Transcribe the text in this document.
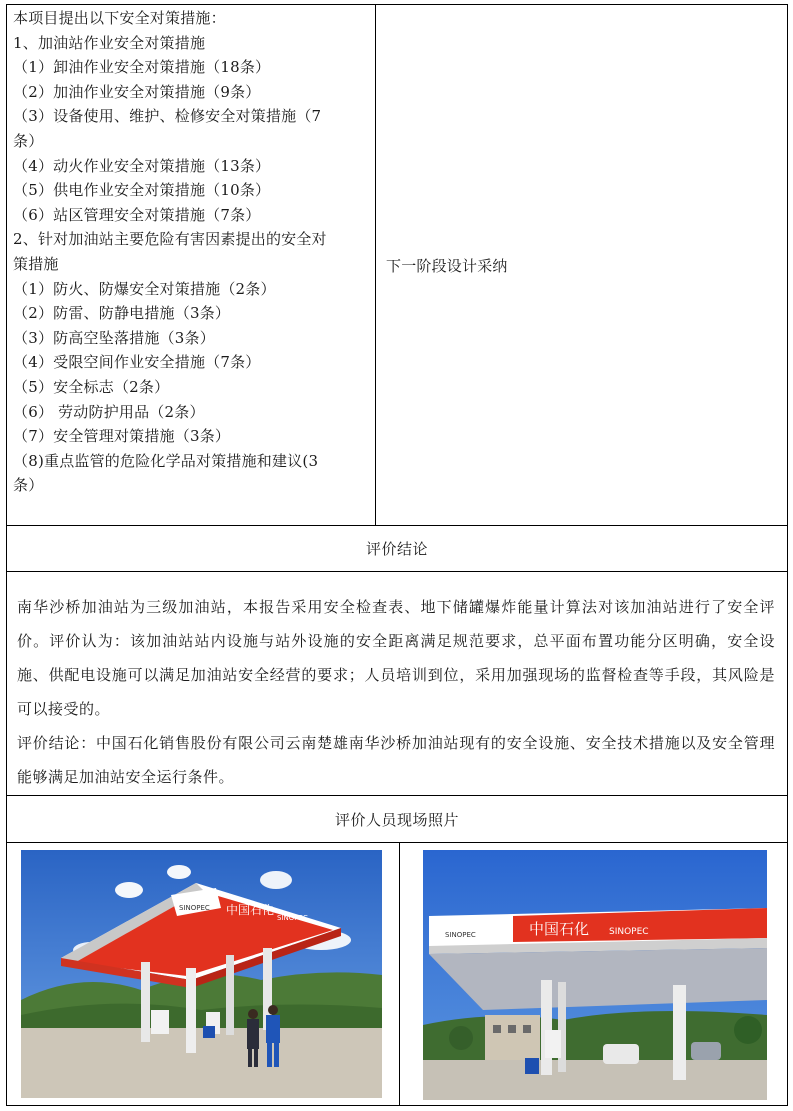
本项目提出以下安全对策措施：
1、加油站作业安全对策措施
（1）卸油作业安全对策措施（18条）
（2）加油作业安全对策措施（9条）
（3）设备使用、维护、检修安全对策措施（7
条）
（4）动火作业安全对策措施（13条）
（5）供电作业安全对策措施（10条）
（6）站区管理安全对策措施（7条）
2、针对加油站主要危险有害因素提出的安全对
策措施
（1）防火、防爆安全对策措施（2条）
（2）防雷、防静电措施（3条）
（3）防高空坠落措施（3条）
（4）受限空间作业安全措施（7条）
（5）安全标志（2条）
（6） 劳动防护用品（2条）
（7）安全管理对策措施（3条）
（8)重点监管的危险化学品对策措施和建议(3
条）
下一阶段设计采纳
评价结论

南华沙桥加油站为三级加油站，本报告采用安全检查表、地下储罐爆炸能量计算法对该加油站进行了安全评价。评价认为：该加油站站内设施与站外设施的安全距离满足规范要求，总平面布置功能分区明确，安全设施、供配电设施可以满足加油站安全经营的要求；人员培训到位，采用加强现场的监督检查等手段，其风险是可以接受的。

评价结论：中国石化销售股份有限公司云南楚雄南华沙桥加油站现有的安全设施、安全技术措施以及安全管理能够满足加油站安全运行条件。

评价人员现场照片
SINOPEC 中国石化
SINOPEC
SINOPEC	中国石化 SINOPEC
